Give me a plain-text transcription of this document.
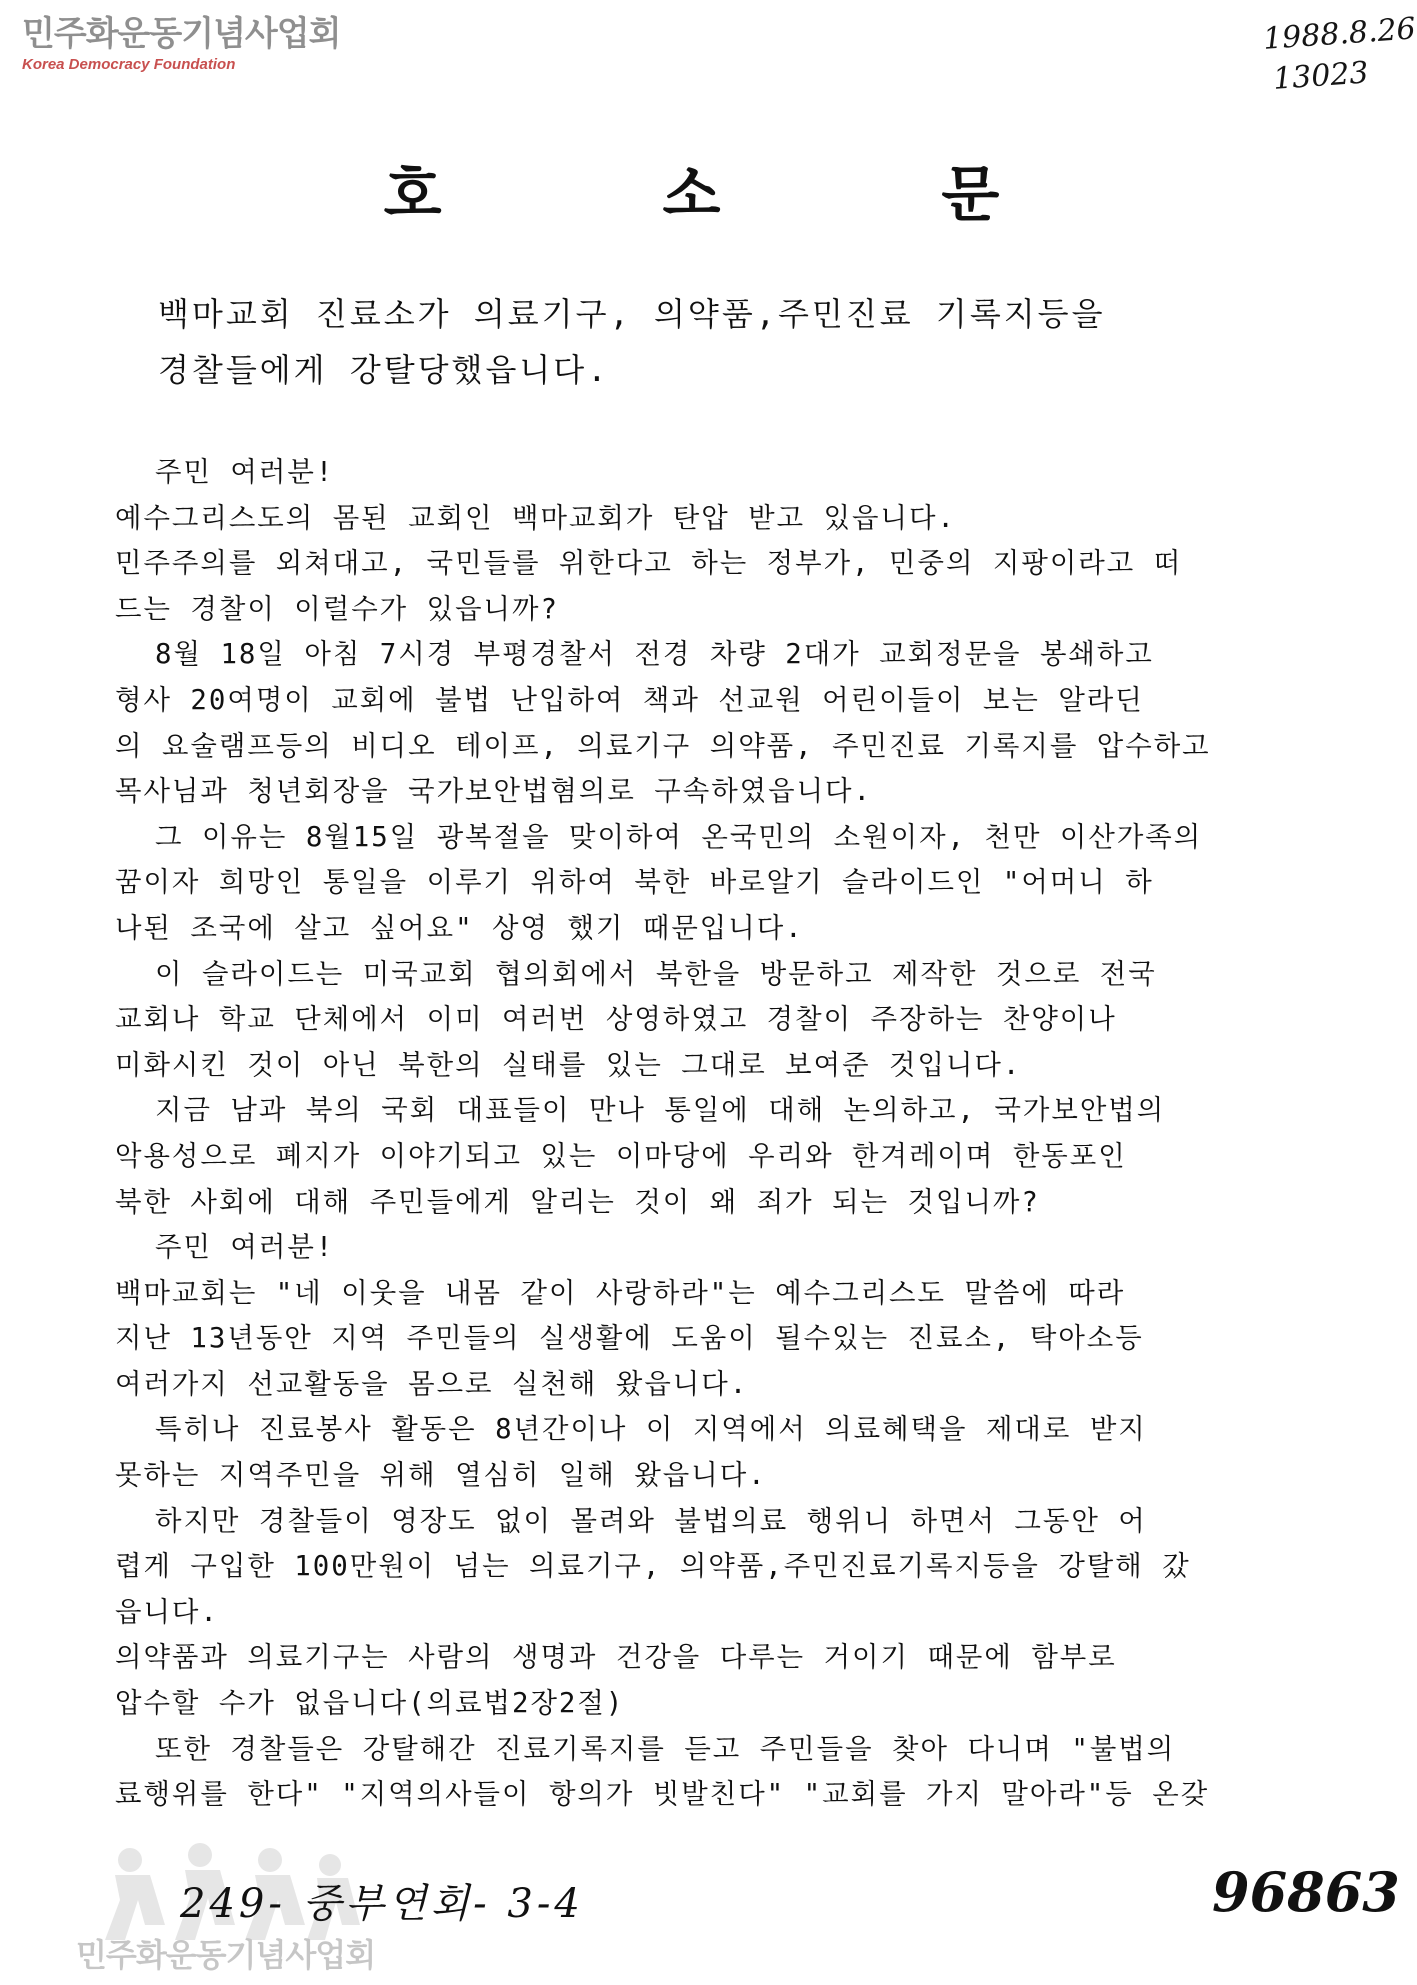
민주화운동기념사업회
Korea Democracy Foundation
1988.8.26
13023
호 소 문
백마교회 진료소가 의료기구, 의약품,주민진료 기록지등을
경찰들에게 강탈당했읍니다.
주민 여러분!
예수그리스도의 몸된 교회인 백마교회가 탄압 받고 있읍니다.
민주주의를 외쳐대고, 국민들를 위한다고 하는 정부가, 민중의 지팡이라고 떠
드는 경찰이 이럴수가 있읍니까?
8월 18일 아침 7시경 부평경찰서 전경 차량 2대가 교회정문을 봉쇄하고
형사 20여명이 교회에 불법 난입하여 책과 선교원 어린이들이 보는 알라딘
의 요술램프등의 비디오 테이프, 의료기구 의약품, 주민진료 기록지를 압수하고
목사님과 청년회장을 국가보안법혐의로 구속하였읍니다.
그 이유는 8월15일 광복절을 맞이하여 온국민의 소원이자, 천만 이산가족의
꿈이자 희망인 통일을 이루기 위하여 북한 바로알기 슬라이드인 "어머니 하
나된 조국에 살고 싶어요" 상영 했기 때문입니다.
이 슬라이드는 미국교회 협의회에서 북한을 방문하고 제작한 것으로 전국
교회나 학교 단체에서 이미 여러번 상영하였고 경찰이 주장하는 찬양이나
미화시킨 것이 아닌 북한의 실태를 있는 그대로 보여준 것입니다.
지금 남과 북의 국회 대표들이 만나 통일에 대해 논의하고, 국가보안법의
악용성으로 폐지가 이야기되고 있는 이마당에 우리와 한겨레이며 한동포인
북한 사회에 대해 주민들에게 알리는 것이 왜 죄가 되는 것입니까?
주민 여러분!
백마교회는 "네 이웃을 내몸 같이 사랑하라"는 예수그리스도 말씀에 따라
지난 13년동안 지역 주민들의 실생활에 도움이 될수있는 진료소, 탁아소등
여러가지 선교활동을 몸으로 실천해 왔읍니다.
특히나 진료봉사 활동은 8년간이나 이 지역에서 의료혜택을 제대로 받지
못하는 지역주민을 위해 열심히 일해 왔읍니다.
하지만 경찰들이 영장도 없이 몰려와 불법의료 행위니 하면서 그동안 어
렵게 구입한 100만원이 넘는 의료기구, 의약품,주민진료기록지등을 강탈해 갔
읍니다.
의약품과 의료기구는 사람의 생명과 건강을 다루는 거이기 때문에 함부로
압수할 수가 없읍니다(의료법2장2절)
또한 경찰들은 강탈해간 진료기록지를 듣고 주민들을 찾아 다니며 "불법의
료행위를 한다" "지역의사들이 항의가 빗발친다" "교회를 가지 말아라"등 온갖
민주화운동기념사업회
249- 중부연회- 3-4	96863
